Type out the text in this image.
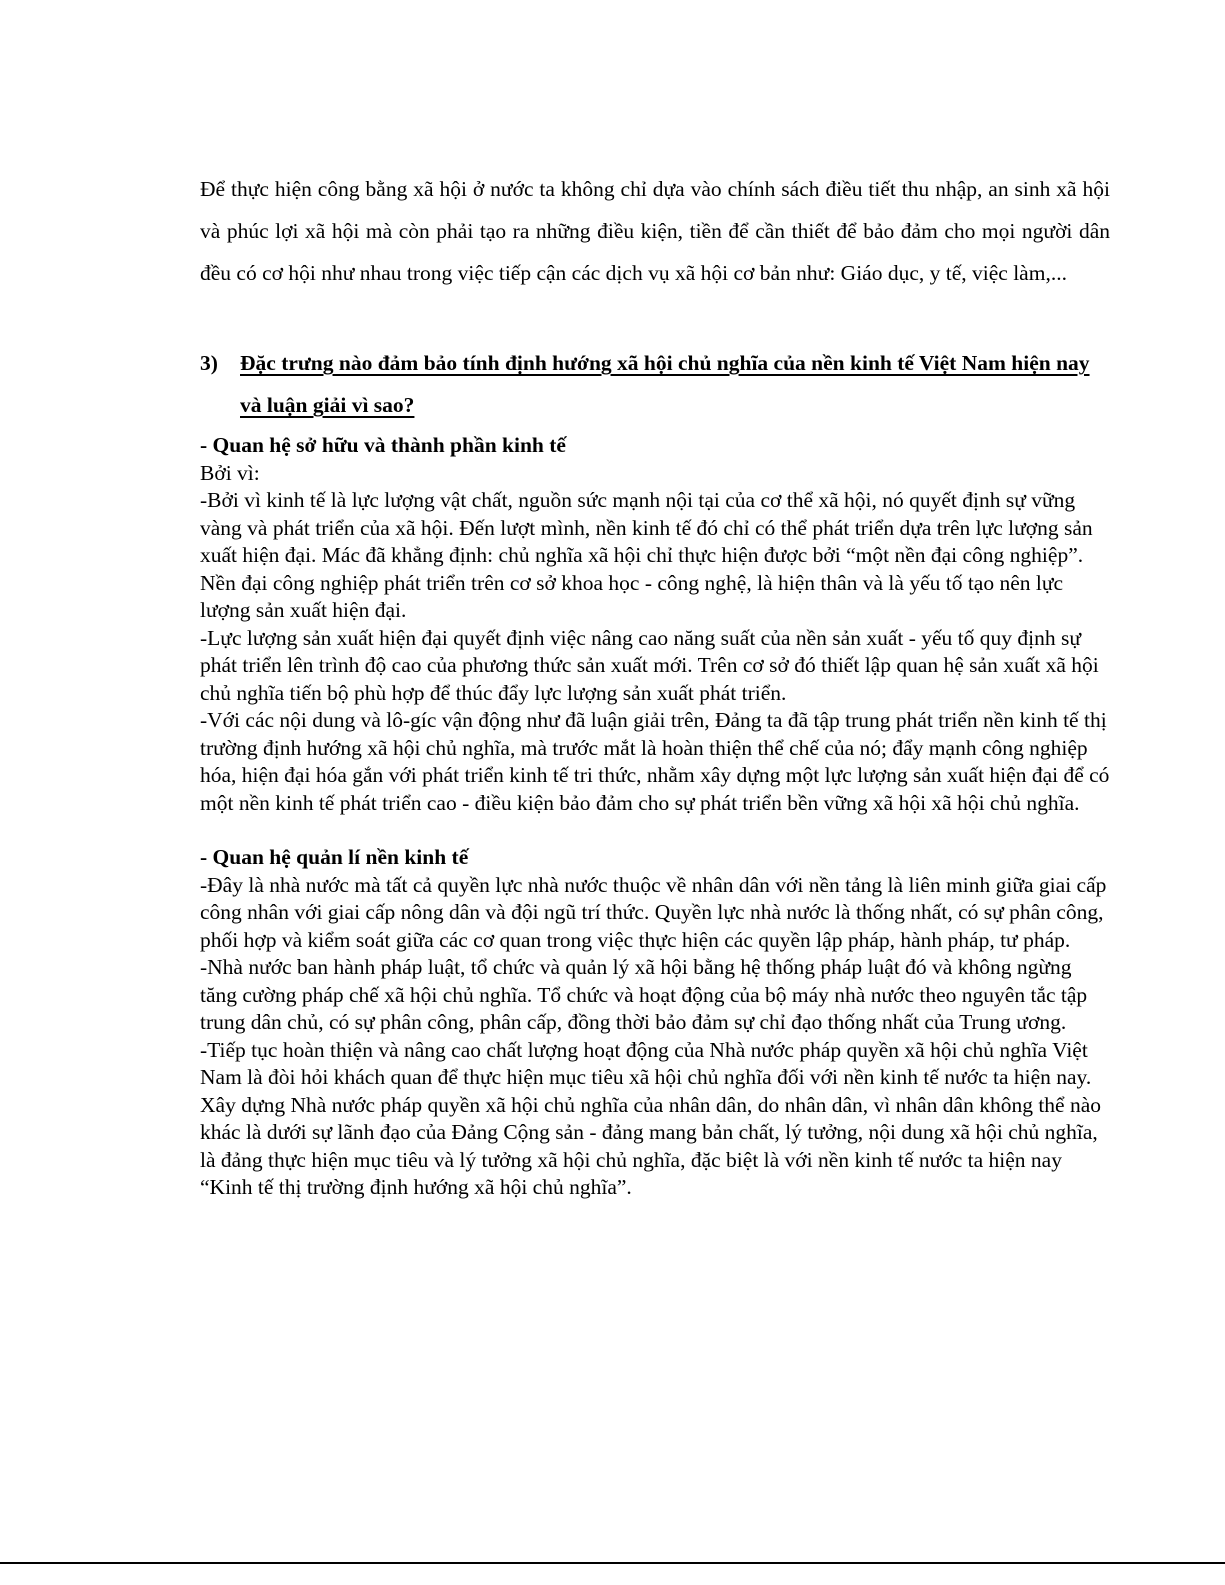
Để thực hiện công bằng xã hội ở nước ta không chỉ dựa vào chính sách điều tiết thu nhập, an sinh xã hội và phúc lợi xã hội mà còn phải tạo ra những điều kiện, tiền để cần thiết để bảo đảm cho mọi người dân đều có cơ hội như nhau trong việc tiếp cận các dịch vụ xã hội cơ bản như: Giáo dục, y tế, việc làm,...

3) Đặc trưng nào đảm bảo tính định hướng xã hội chủ nghĩa của nền kinh tế Việt Nam hiện nay và luận giải vì sao?
- Quan hệ sở hữu và thành phần kinh tế
Bởi vì:
-Bởi vì kinh tế là lực lượng vật chất, nguồn sức mạnh nội tại của cơ thể xã hội, nó quyết định sự vững vàng và phát triển của xã hội. Đến lượt mình, nền kinh tế đó chỉ có thể phát triển dựa trên lực lượng sản xuất hiện đại. Mác đã khẳng định: chủ nghĩa xã hội chỉ thực hiện được bởi “một nền đại công nghiệp”. Nền đại công nghiệp phát triển trên cơ sở khoa học - công nghệ, là hiện thân và là yếu tố tạo nên lực lượng sản xuất hiện đại.
-Lực lượng sản xuất hiện đại quyết định việc nâng cao năng suất của nền sản xuất - yếu tố quy định sự phát triển lên trình độ cao của phương thức sản xuất mới. Trên cơ sở đó thiết lập quan hệ sản xuất xã hội chủ nghĩa tiến bộ phù hợp để thúc đẩy lực lượng sản xuất phát triển.
-Với các nội dung và lô-gíc vận động như đã luận giải trên, Đảng ta đã tập trung phát triển nền kinh tế thị trường định hướng xã hội chủ nghĩa, mà trước mắt là hoàn thiện thể chế của nó; đẩy mạnh công nghiệp hóa, hiện đại hóa gắn với phát triển kinh tế tri thức, nhằm xây dựng một lực lượng sản xuất hiện đại để có một nền kinh tế phát triển cao - điều kiện bảo đảm cho sự phát triển bền vững xã hội xã hội chủ nghĩa.
- Quan hệ quản lí nền kinh tế
-Đây là nhà nước mà tất cả quyền lực nhà nước thuộc về nhân dân với nền tảng là liên minh giữa giai cấp công nhân với giai cấp nông dân và đội ngũ trí thức. Quyền lực nhà nước là thống nhất, có sự phân công, phối hợp và kiểm soát giữa các cơ quan trong việc thực hiện các quyền lập pháp, hành pháp, tư pháp.
-Nhà nước ban hành pháp luật, tổ chức và quản lý xã hội bằng hệ thống pháp luật đó và không ngừng tăng cường pháp chế xã hội chủ nghĩa. Tổ chức và hoạt động của bộ máy nhà nước theo nguyên tắc tập trung dân chủ, có sự phân công, phân cấp, đồng thời bảo đảm sự chỉ đạo thống nhất của Trung ương.
-Tiếp tục hoàn thiện và nâng cao chất lượng hoạt động của Nhà nước pháp quyền xã hội chủ nghĩa Việt Nam là đòi hỏi khách quan để thực hiện mục tiêu xã hội chủ nghĩa đối với nền kinh tế nước ta hiện nay. Xây dựng Nhà nước pháp quyền xã hội chủ nghĩa của nhân dân, do nhân dân, vì nhân dân không thể nào khác là dưới sự lãnh đạo của Đảng Cộng sản - đảng mang bản chất, lý tưởng, nội dung xã hội chủ nghĩa, là đảng thực hiện mục tiêu và lý tưởng xã hội chủ nghĩa, đặc biệt là với nền kinh tế nước ta hiện nay “Kinh tế thị trường định hướng xã hội chủ nghĩa”.
